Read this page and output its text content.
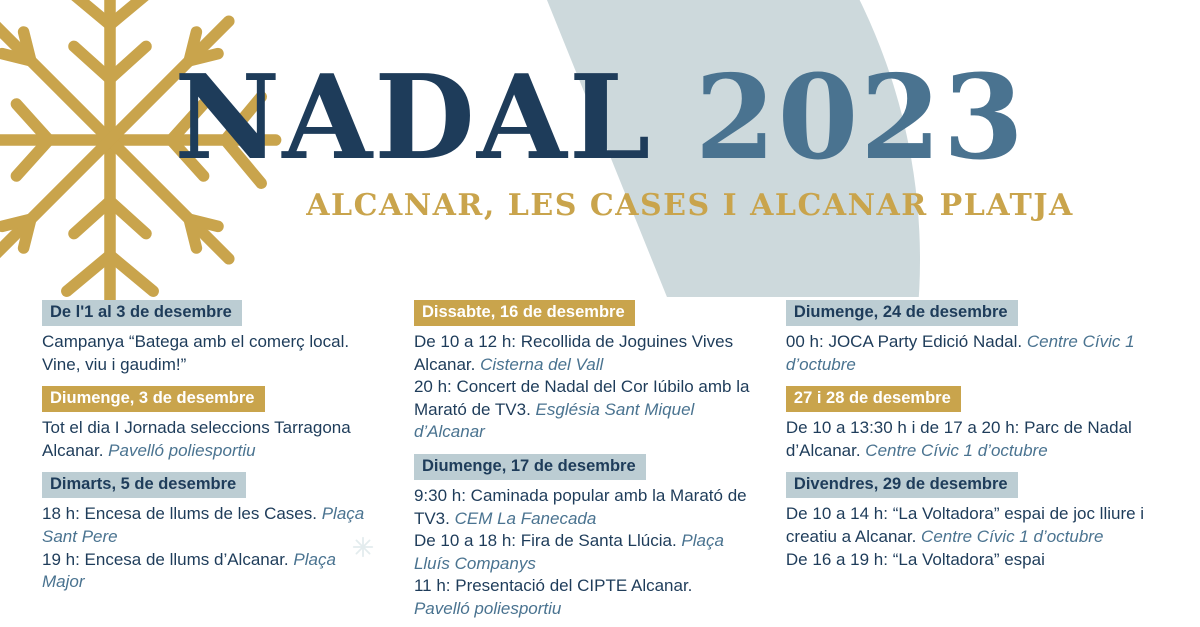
NADAL 2023

ALCANAR, LES CASES I ALCANAR PLATJA

De l'1 al 3 de desembre

Campanya “Batega amb el comerç local. Vine, viu i gaudim!”

Diumenge, 3 de desembre

Tot el dia I Jornada seleccions Tarragona Alcanar. Pavelló poliesportiu

Dimarts, 5 de desembre

18 h: Encesa de llums de les Cases. Plaça Sant Pere

19 h: Encesa de llums d’Alcanar. Plaça Major

Dissabte, 16 de desembre

De 10 a 12 h: Recollida de Joguines Vives Alcanar. Cisterna del Vall

20 h: Concert de Nadal del Cor Iúbilo amb la Marató de TV3. Església Sant Miquel d’Alcanar

Diumenge, 17 de desembre

9:30 h: Caminada popular amb la Marató de TV3. CEM La Fanecada

De 10 a 18 h: Fira de Santa Llúcia. Plaça Lluís Companys

11 h: Presentació del CIPTE Alcanar. Pavelló poliesportiu

Diumenge, 24 de desembre

00 h: JOCA Party Edició Nadal. Centre Cívic 1 d’octubre

27 i 28 de desembre

De 10 a 13:30 h i de 17 a 20 h: Parc de Nadal d’Alcanar. Centre Cívic 1 d’octubre

Divendres, 29 de desembre

De 10 a 14 h: “La Voltadora” espai de joc lliure i creatiu a Alcanar. Centre Cívic 1 d’octubre

De 16 a 19 h: “La Voltadora” espai
